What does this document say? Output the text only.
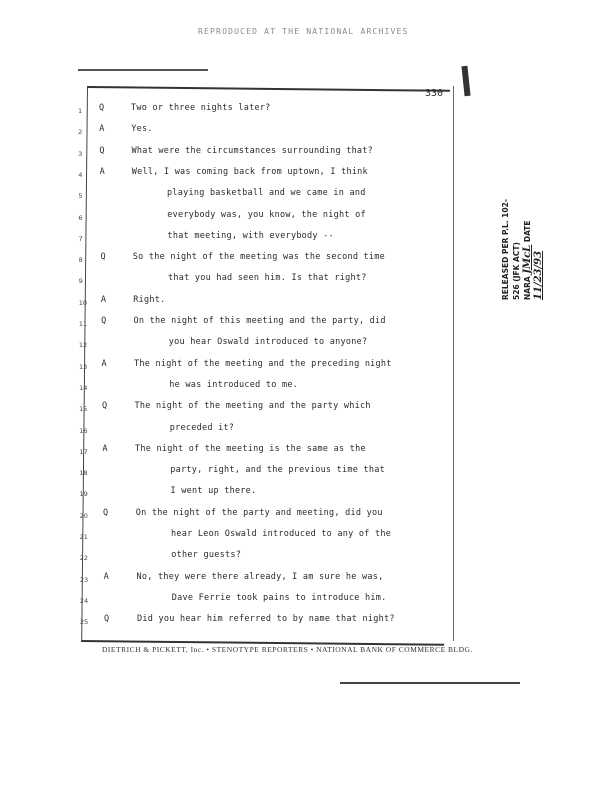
REPRODUCED AT THE NATIONAL ARCHIVES
330
1 Q	Two or three nights later?
2 A	Yes.
3 Q	What were the circumstances surrounding that?
4 A	Well, I was coming back from uptown, I think
5	playing basketball and we came in and
6	everybody was, you know, the night of
7	that meeting, with everybody --
8 Q	So the night of the meeting was the second time
9	that you had seen him. Is that right?
10 A	Right.
11 Q	On the night of this meeting and the party, did
12	you hear Oswald introduced to anyone?
13 A	The night of the meeting and the preceding night
14	he was introduced to me.
15 Q	The night of the meeting and the party which
16	preceded it?
17 A	The night of the meeting is the same as the
18	party, right, and the previous time that
19	I went up there.
20 Q	On the night of the party and meeting, did you
21	hear Leon Oswald introduced to any of the
22	other guests?
23 A	No, they were there already, I am sure he was,
24	Dave Ferrie took pains to introduce him.
25 Q	Did you hear him referred to by name that night?
DIETRICH & PICKETT, Inc. • STENOTYPE REPORTERS • NATIONAL BANK OF COMMERCE BLDG.
RELEASED PER P.L. 102-526 (JFK ACT) NARA JMcL DATE 11/23/93
